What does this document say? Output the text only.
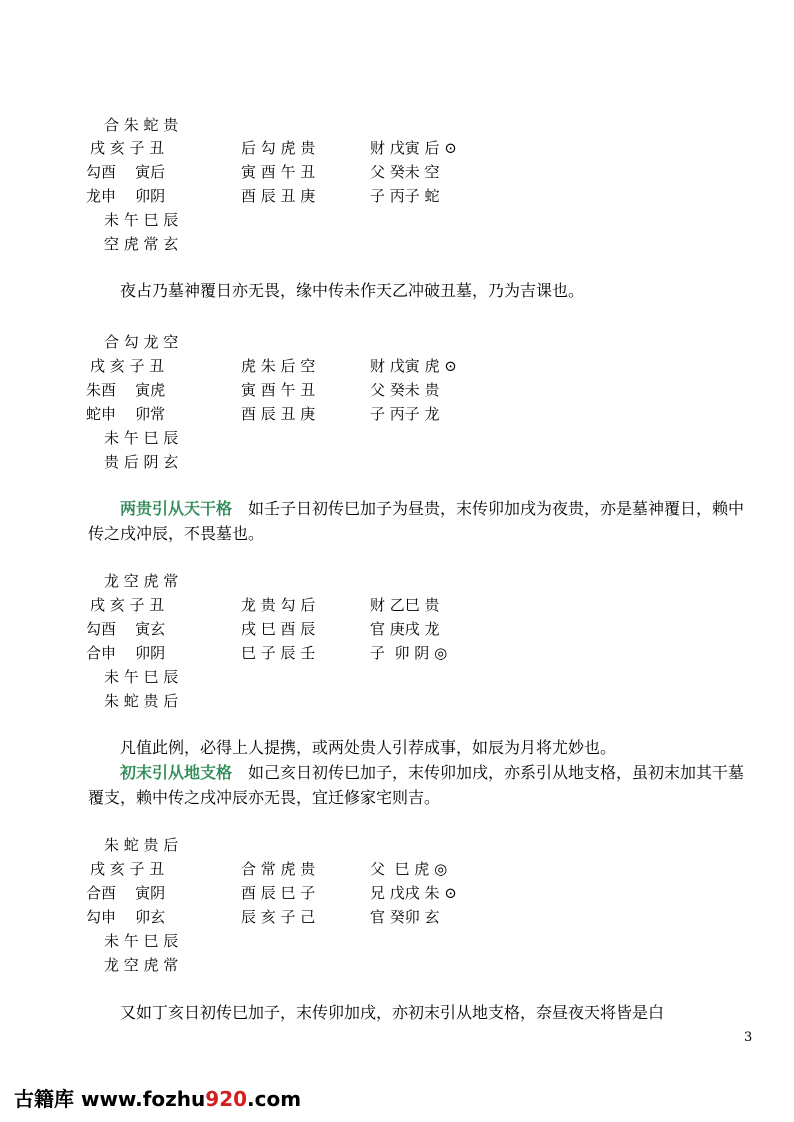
合 朱 蛇 贵
戌 亥 子 丑	后 勾 虎 贵	财 戊寅 后 ⊙
勾酉    寅后	寅 酉 午 丑	父 癸未 空
龙申    卯阴	酉 辰 丑 庚	子 丙子 蛇
未 午 巳 辰
空 虎 常 玄

夜占乃墓神覆日亦无畏，缘中传未作天乙冲破丑墓，乃为吉课也。

合 勾 龙 空
戌 亥 子 丑	虎 朱 后 空	财 戊寅 虎 ⊙
朱酉    寅虎	寅 酉 午 丑	父 癸未 贵
蛇申    卯常	酉 辰 丑 庚	子 丙子 龙
未 午 巳 辰
贵 后 阴 玄

两贵引从天干格　如壬子日初传巳加子为昼贵，末传卯加戌为夜贵，亦是墓神覆日，赖中传之戌冲辰，不畏墓也。

龙 空 虎 常
戌 亥 子 丑	龙 贵 勾 后	财 乙巳 贵
勾酉    寅玄	戌 巳 酉 辰	官 庚戌 龙
合申    卯阴	巳 子 辰 壬	子  卯 阴 ◎
未 午 巳 辰
朱 蛇 贵 后

凡值此例，必得上人提携，或两处贵人引荐成事，如辰为月将尤妙也。

初末引从地支格　如己亥日初传巳加子，末传卯加戌，亦系引从地支格，虽初末加其干墓覆支，赖中传之戌冲辰亦无畏，宜迁修家宅则吉。

朱 蛇 贵 后
戌 亥 子 丑	合 常 虎 贵	父  巳 虎 ◎
合酉    寅阴	酉 辰 巳 子	兄 戊戌 朱 ⊙
勾申    卯玄	辰 亥 子 己	官 癸卯 玄
未 午 巳 辰
龙 空 虎 常

又如丁亥日初传巳加子，末传卯加戌，亦初末引从地支格，奈昼夜天将皆是白

3
古籍库 www.fozhu920.com
